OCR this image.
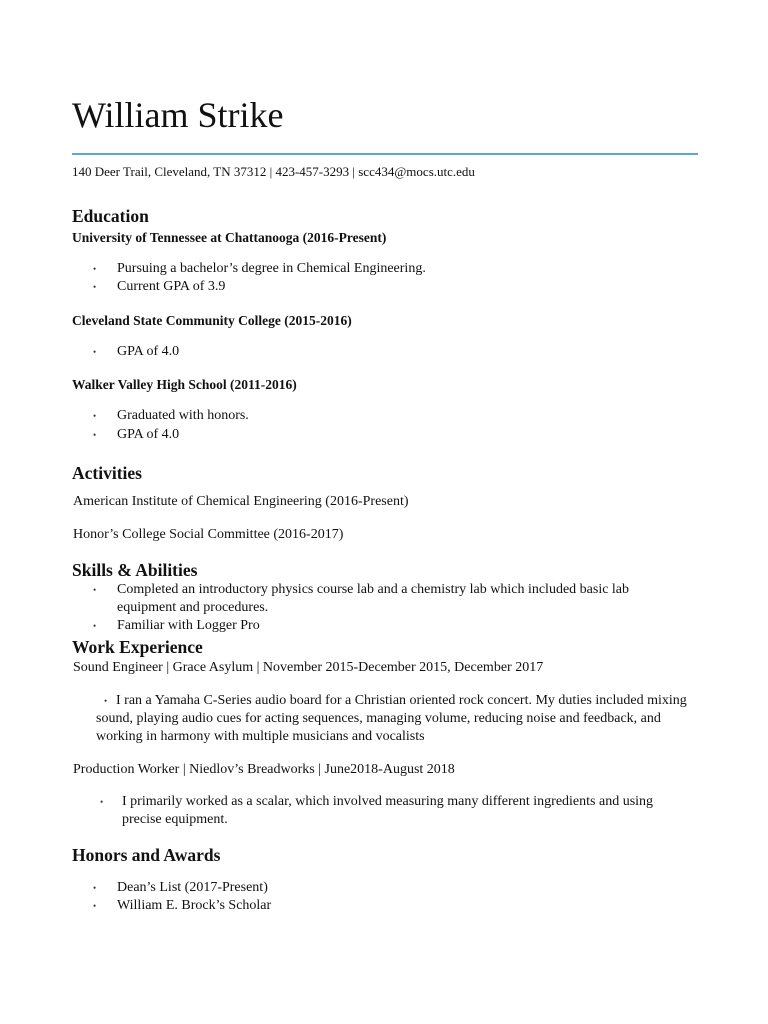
William Strike
140 Deer Trail, Cleveland, TN 37312 | 423-457-3293 | scc434@mocs.utc.edu
Education
University of Tennessee at Chattanooga (2016-Present)
• Pursuing a bachelor’s degree in Chemical Engineering.
• Current GPA of 3.9
Cleveland State Community College (2015-2016)
• GPA of 4.0
Walker Valley High School (2011-2016)
• Graduated with honors.
• GPA of 4.0
Activities
American Institute of Chemical Engineering (2016-Present)
Honor’s College Social Committee (2016-2017)
Skills & Abilities
• Completed an introductory physics course lab and a chemistry lab which included basic lab equipment and procedures.
• Familiar with Logger Pro
Work Experience
Sound Engineer | Grace Asylum | November 2015-December 2015, December 2017
• I ran a Yamaha C-Series audio board for a Christian oriented rock concert. My duties included mixing sound, playing audio cues for acting sequences, managing volume, reducing noise and feedback, and working in harmony with multiple musicians and vocalists
Production Worker | Niedlov’s Breadworks | June2018-August 2018
• I primarily worked as a scalar, which involved measuring many different ingredients and using precise equipment.
Honors and Awards
• Dean’s List (2017-Present)
• William E. Brock’s Scholar
